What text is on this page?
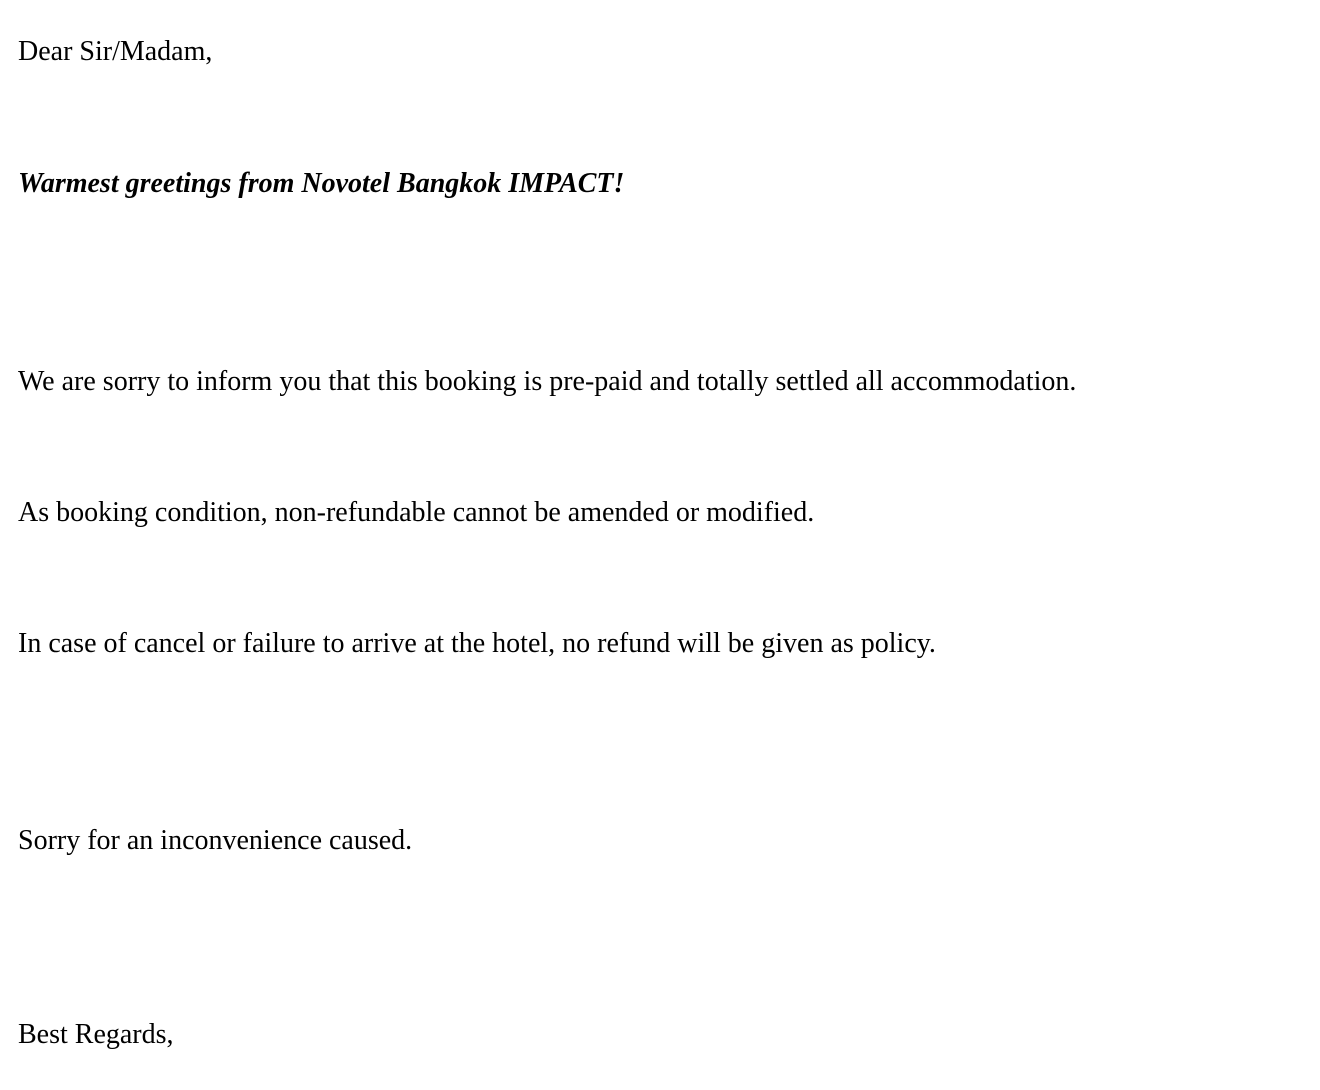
Dear Sir/Madam,

Warmest greetings from Novotel Bangkok IMPACT!

We are sorry to inform you that this booking is pre-paid and totally settled all accommodation.

As booking condition, non-refundable cannot be amended or modified.

In case of cancel or failure to arrive at the hotel, no refund will be given as policy.

Sorry for an inconvenience caused.

Best Regards,
